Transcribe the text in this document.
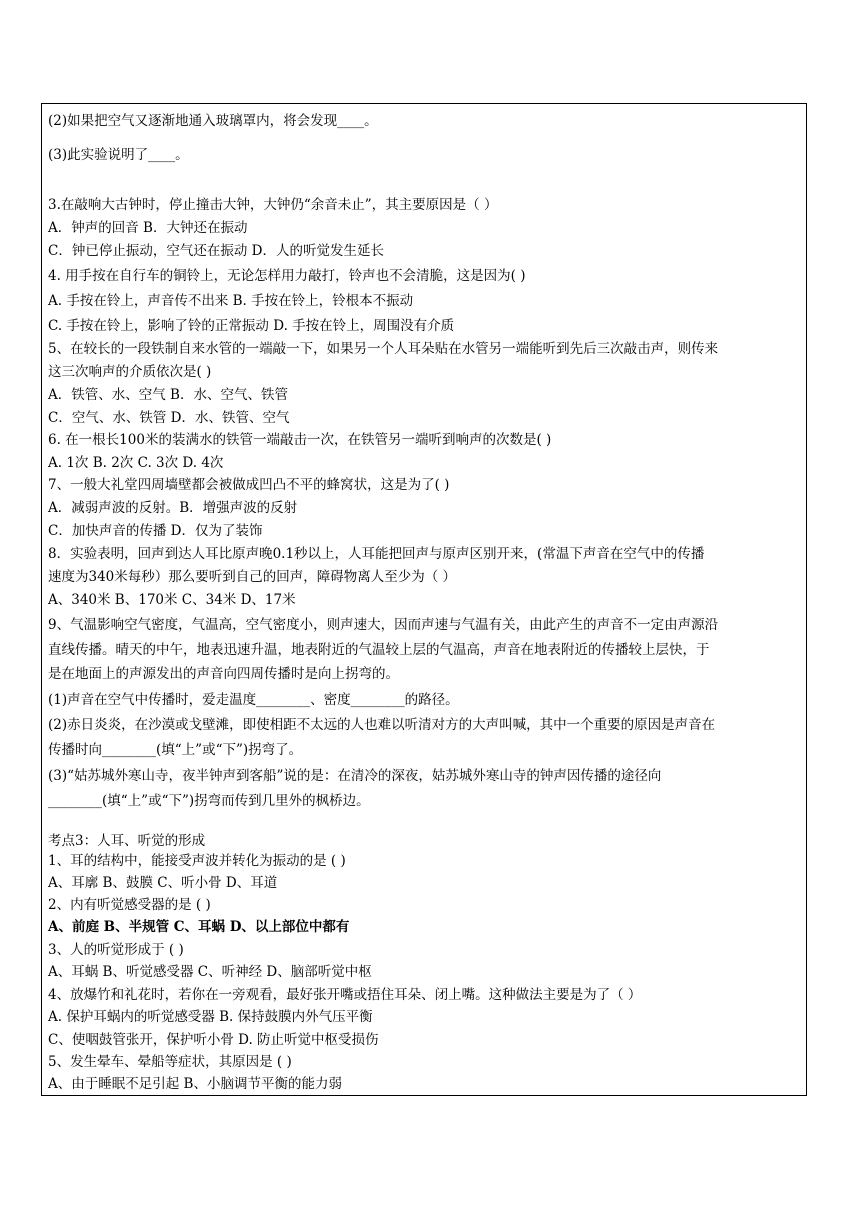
(2)如果把空气又逐渐地通入玻璃罩内，将会发现____。
(3)此实验说明了____。
3.在敲响大古钟时，停止撞击大钟，大钟仍“余音未止”，其主要原因是（ ）
A．钟声的回音 B．大钟还在振动
C．钟已停止振动，空气还在振动 D．人的听觉发生延长
4. 用手按在自行车的铜铃上，无论怎样用力敲打，铃声也不会清脆，这是因为( )
A. 手按在铃上，声音传不出来 B. 手按在铃上，铃根本不振动
C. 手按在铃上，影响了铃的正常振动 D. 手按在铃上，周围没有介质
5、在较长的一段铁制自来水管的一端敲一下，如果另一个人耳朵贴在水管另一端能听到先后三次敲击声，则传来
这三次响声的介质依次是( )
A．铁管、水、空气 B．水、空气、铁管
C．空气、水、铁管 D．水、铁管、空气
6. 在一根长100米的装满水的铁管一端敲击一次，在铁管另一端听到响声的次数是( )
A. 1次 B. 2次 C. 3次 D. 4次
7、一般大礼堂四周墙壁都会被做成凹凸不平的蜂窝状，这是为了( )
A．减弱声波的反射。B．增强声波的反射
C．加快声音的传播 D．仅为了装饰
8．实验表明，回声到达人耳比原声晚0.1秒以上，人耳能把回声与原声区别开来，(常温下声音在空气中的传播
速度为340米每秒）那么要听到自己的回声，障碍物离人至少为（ ）
A、340米 B、170米 C、34米 D、17米
9、气温影响空气密度，气温高，空气密度小，则声速大，因而声速与气温有关，由此产生的声音不一定由声源沿
直线传播。晴天的中午，地表迅速升温，地表附近的气温较上层的气温高，声音在地表附近的传播较上层快，于
是在地面上的声源发出的声音向四周传播时是向上拐弯的。
(1)声音在空气中传播时，爱走温度________、密度________的路径。
(2)赤日炎炎，在沙漠或戈壁滩，即使相距不太远的人也难以听清对方的大声叫喊，其中一个重要的原因是声音在
传播时向________(填“上”或“下”)拐弯了。
(3)“姑苏城外寒山寺，夜半钟声到客船”说的是：在清冷的深夜，姑苏城外寒山寺的钟声因传播的途径向
________(填“上”或“下”)拐弯而传到几里外的枫桥边。
考点3：人耳、听觉的形成
1、耳的结构中，能接受声波并转化为振动的是 ( )
A、耳廓 B、鼓膜 C、听小骨 D、耳道
2、内有听觉感受器的是 ( )
A、前庭 B、半规管 C、耳蜗 D、以上部位中都有
3、人的听觉形成于 ( )
A、耳蜗 B、听觉感受器 C、听神经 D、脑部听觉中枢
4、放爆竹和礼花时，若你在一旁观看，最好张开嘴或捂住耳朵、闭上嘴。这种做法主要是为了（ ）
A. 保护耳蜗内的听觉感受器 B. 保持鼓膜内外气压平衡
C、使咽鼓管张开，保护听小骨 D. 防止听觉中枢受损伤
5、发生晕车、晕船等症状，其原因是 ( )
A、由于睡眠不足引起 B、小脑调节平衡的能力弱
